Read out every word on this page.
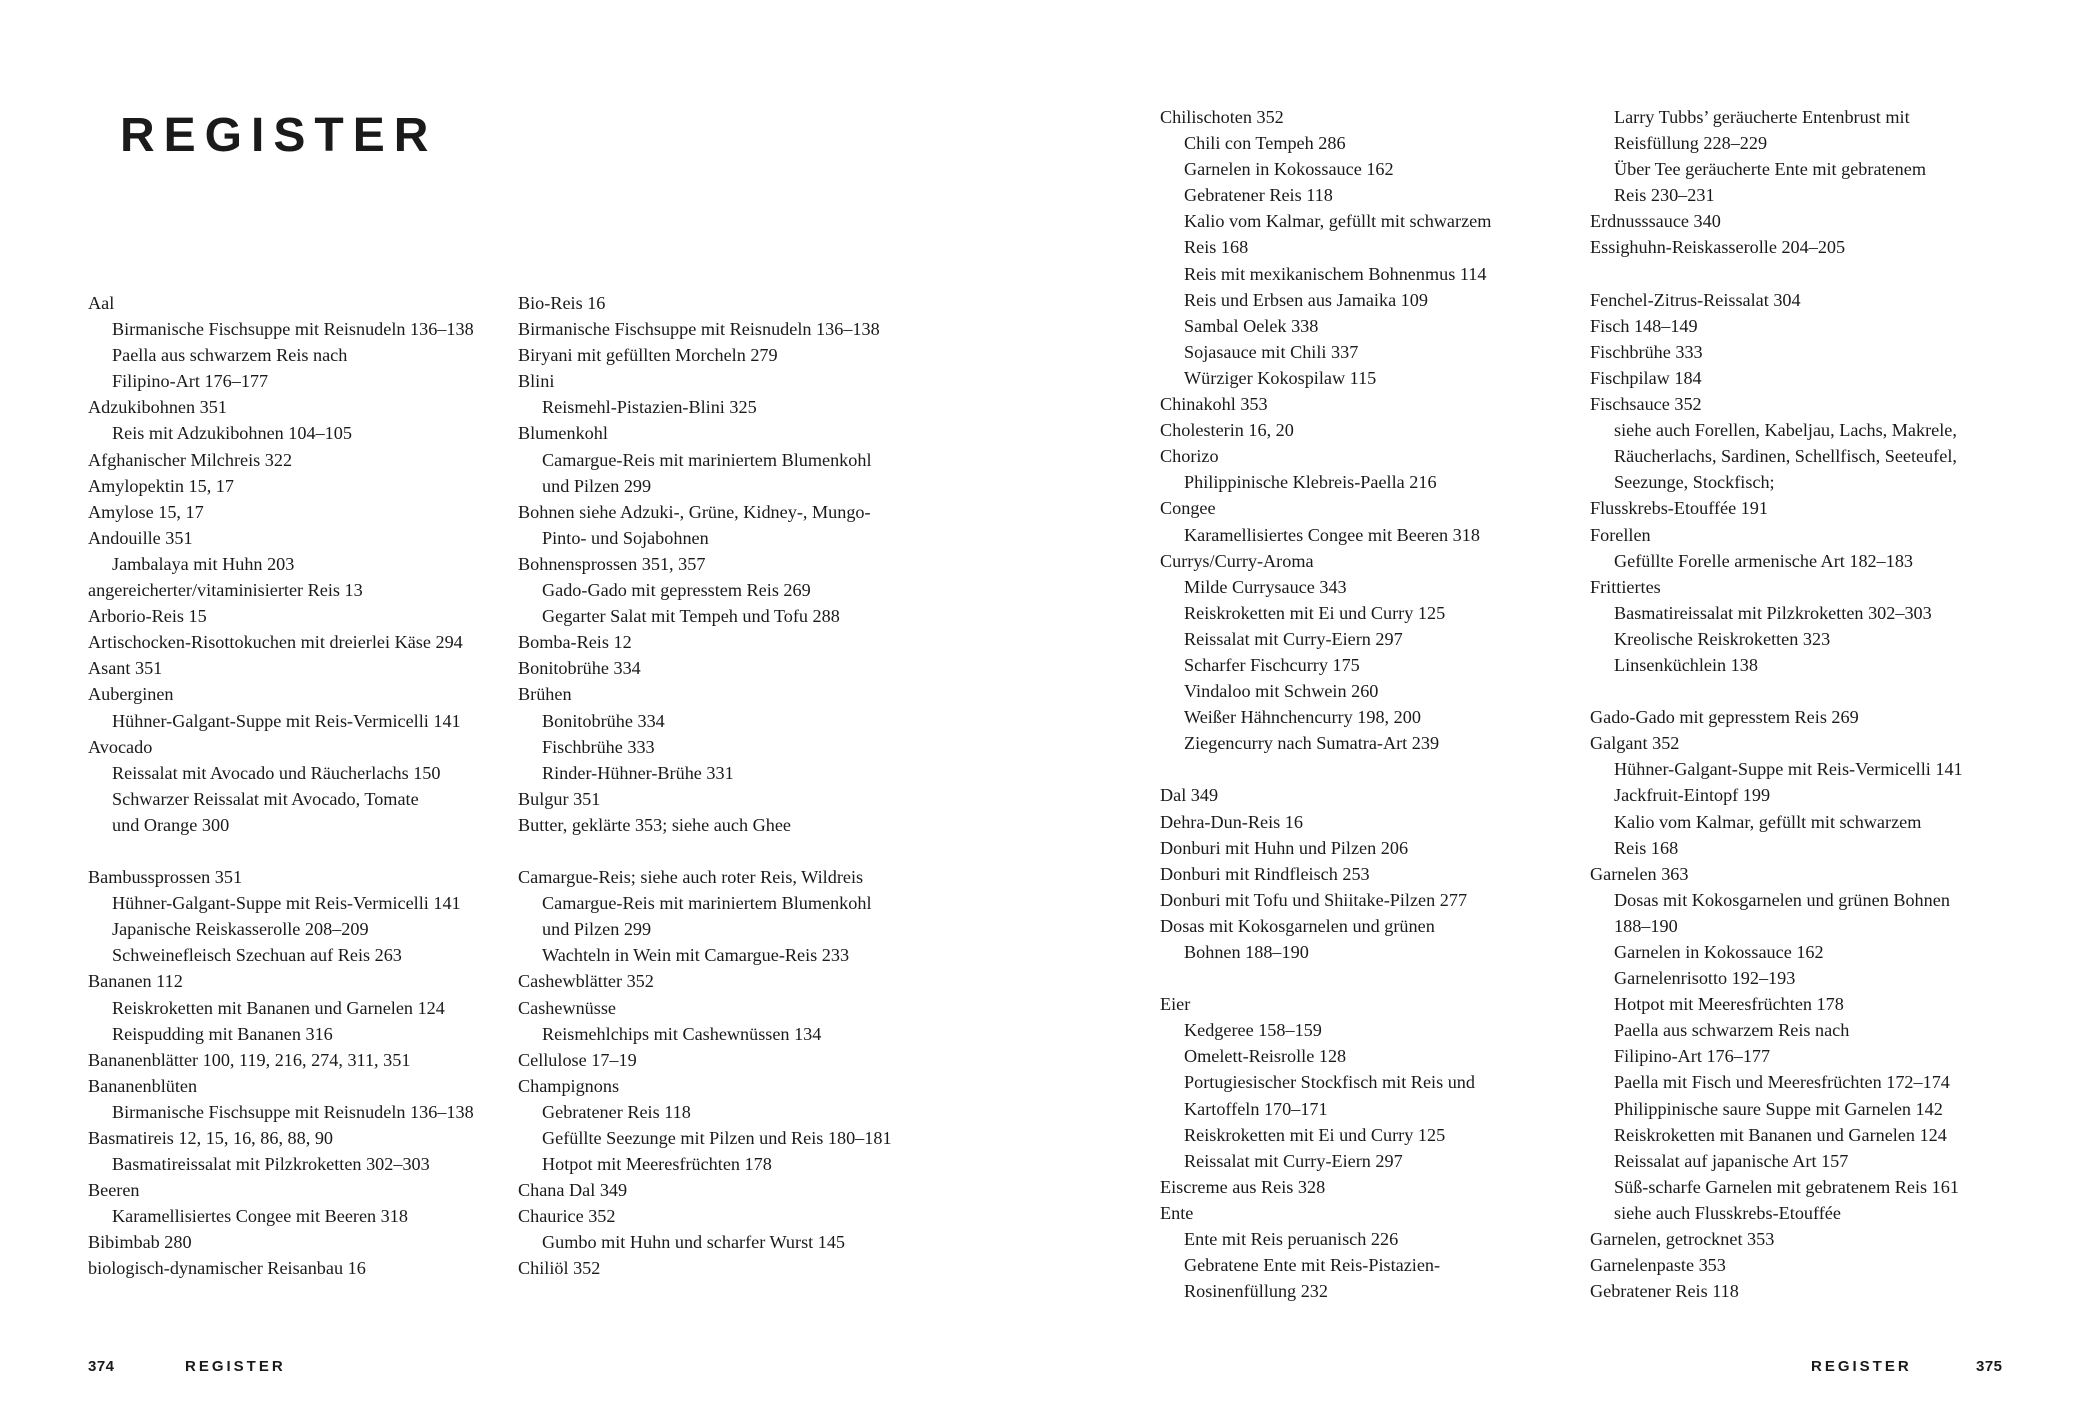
REGISTER
Aal
Birmanische Fischsuppe mit Reisnudeln 136–138
Paella aus schwarzem Reis nach
Filipino-Art 176–177
Adzukibohnen 351
Reis mit Adzukibohnen 104–105
Afghanischer Milchreis 322
Amylopektin 15, 17
Amylose 15, 17
Andouille 351
Jambalaya mit Huhn 203
angereicherter/vitaminisierter Reis 13
Arborio-Reis 15
Artischocken-Risottokuchen mit dreierlei Käse 294
Asant 351
Auberginen
Hühner-Galgant-Suppe mit Reis-Vermicelli 141
Avocado
Reissalat mit Avocado und Räucherlachs 150
Schwarzer Reissalat mit Avocado, Tomate
und Orange 300
Bambussprossen 351
Hühner-Galgant-Suppe mit Reis-Vermicelli 141
Japanische Reiskasserolle 208–209
Schweinefleisch Szechuan auf Reis 263
Bananen 112
Reiskroketten mit Bananen und Garnelen 124
Reispudding mit Bananen 316
Bananenblätter 100, 119, 216, 274, 311, 351
Bananenblüten
Birmanische Fischsuppe mit Reisnudeln 136–138
Basmatireis 12, 15, 16, 86, 88, 90
Basmatireissalat mit Pilzkroketten 302–303
Beeren
Karamellisiertes Congee mit Beeren 318
Bibimbab 280
biologisch-dynamischer Reisanbau 16
Bio-Reis 16
Birmanische Fischsuppe mit Reisnudeln 136–138
Biryani mit gefüllten Morcheln 279
Blini
Reismehl-Pistazien-Blini 325
Blumenkohl
Camargue-Reis mit mariniertem Blumenkohl
und Pilzen 299
Bohnen siehe Adzuki-, Grüne, Kidney-, Mungo-
Pinto- und Sojabohnen
Bohnensprossen 351, 357
Gado-Gado mit gepresstem Reis 269
Gegarter Salat mit Tempeh und Tofu 288
Bomba-Reis 12
Bonitobrühe 334
Brühen
Bonitobrühe 334
Fischbrühe 333
Rinder-Hühner-Brühe 331
Bulgur 351
Butter, geklärte 353; siehe auch Ghee
Camargue-Reis; siehe auch roter Reis, Wildreis
Camargue-Reis mit mariniertem Blumenkohl
und Pilzen 299
Wachteln in Wein mit Camargue-Reis 233
Cashewblätter 352
Cashewnüsse
Reismehlchips mit Cashewnüssen 134
Cellulose 17–19
Champignons
Gebratener Reis 118
Gefüllte Seezunge mit Pilzen und Reis 180–181
Hotpot mit Meeresfrüchten 178
Chana Dal 349
Chaurice 352
Gumbo mit Huhn und scharfer Wurst 145
Chiliöl 352
Chilischoten 352
Chili con Tempeh 286
Garnelen in Kokossauce 162
Gebratener Reis 118
Kalio vom Kalmar, gefüllt mit schwarzem
Reis 168
Reis mit mexikanischem Bohnenmus 114
Reis und Erbsen aus Jamaika 109
Sambal Oelek 338
Sojasauce mit Chili 337
Würziger Kokospilaw 115
Chinakohl 353
Cholesterin 16, 20
Chorizo
Philippinische Klebreis-Paella 216
Congee
Karamellisiertes Congee mit Beeren 318
Currys/Curry-Aroma
Milde Currysauce 343
Reiskroketten mit Ei und Curry 125
Reissalat mit Curry-Eiern 297
Scharfer Fischcurry 175
Vindaloo mit Schwein 260
Weißer Hähnchencurry 198, 200
Ziegencurry nach Sumatra-Art 239
Dal 349
Dehra-Dun-Reis 16
Donburi mit Huhn und Pilzen 206
Donburi mit Rindfleisch 253
Donburi mit Tofu und Shiitake-Pilzen 277
Dosas mit Kokosgarnelen und grünen
Bohnen 188–190
Eier
Kedgeree 158–159
Omelett-Reisrolle 128
Portugiesischer Stockfisch mit Reis und
Kartoffeln 170–171
Reiskroketten mit Ei und Curry 125
Reissalat mit Curry-Eiern 297
Eiscreme aus Reis 328
Ente
Ente mit Reis peruanisch 226
Gebratene Ente mit Reis-Pistazien-
Rosinenfüllung 232
Larry Tubbs’ geräucherte Entenbrust mit
Reisfüllung 228–229
Über Tee geräucherte Ente mit gebratenem
Reis 230–231
Erdnusssauce 340
Essighuhn-Reiskasserolle 204–205
Fenchel-Zitrus-Reissalat 304
Fisch 148–149
Fischbrühe 333
Fischpilaw 184
Fischsauce 352
siehe auch Forellen, Kabeljau, Lachs, Makrele,
Räucherlachs, Sardinen, Schellfisch, Seeteufel,
Seezunge, Stockfisch;
Flusskrebs-Etouffée 191
Forellen
Gefüllte Forelle armenische Art 182–183
Frittiertes
Basmatireissalat mit Pilzkroketten 302–303
Kreolische Reiskroketten 323
Linsenküchlein 138
Gado-Gado mit gepresstem Reis 269
Galgant 352
Hühner-Galgant-Suppe mit Reis-Vermicelli 141
Jackfruit-Eintopf 199
Kalio vom Kalmar, gefüllt mit schwarzem
Reis 168
Garnelen 363
Dosas mit Kokosgarnelen und grünen Bohnen
188–190
Garnelen in Kokossauce 162
Garnelenrisotto 192–193
Hotpot mit Meeresfrüchten 178
Paella aus schwarzem Reis nach
Filipino-Art 176–177
Paella mit Fisch und Meeresfrüchten 172–174
Philippinische saure Suppe mit Garnelen 142
Reiskroketten mit Bananen und Garnelen 124
Reissalat auf japanische Art 157
Süß-scharfe Garnelen mit gebratenem Reis 161
siehe auch Flusskrebs-Etouffée
Garnelen, getrocknet 353
Garnelenpaste 353
Gebratener Reis 118
374	REGISTER	REGISTER	375
